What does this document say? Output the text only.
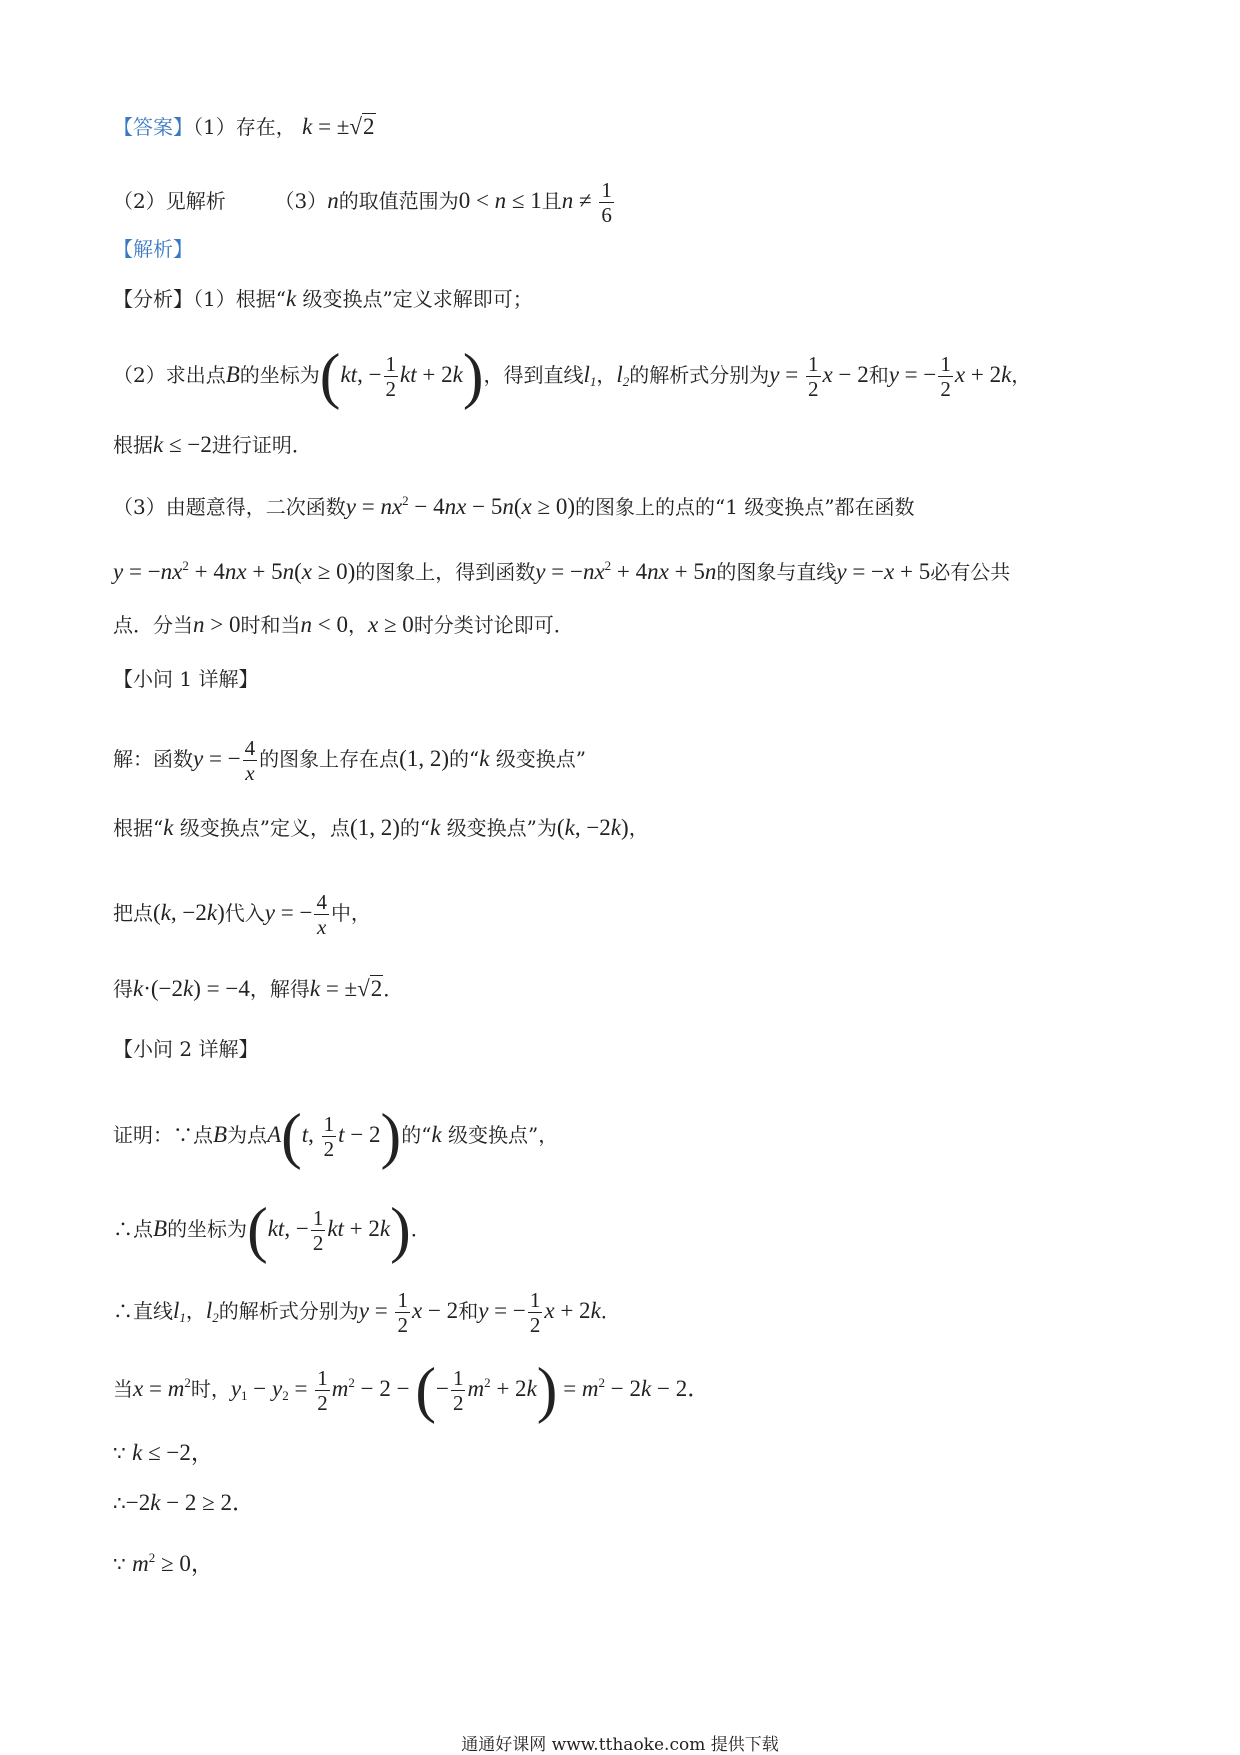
【答案】（1）存在， k = ±√2
（2）见解析 （3）n的取值范围为0 < n ≤ 1且$n \ne \frac{1}{6}$
【解析】
【分析】（1）根据“k 级变换点”定义求解即可；
（2）求出点B的坐标为(kt, − $\frac{1}{2}$ kt + 2k)，得到直线$l_1$，$l_2$的解析式分别为$y = \frac{1}{2}$ x − 2和y = − $\frac{1}{2}$ x + 2k，
根据k ≤ −2进行证明．
（3）由题意得，二次函数$y = nx^2 - 4nx - 5n(x \ge 0)$的图象上的点的“1 级变换点”都在函数
$y = -nx^2 + 4nx + 5n(x \ge 0)$的图象上，得到函数$y = -nx^2 + 4nx + 5n$的图象与直线y = −x + 5必有公共
点．分当n > 0时和当n < 0，x ≥ 0时分类讨论即可．
【小问 1 详解】
解：函数y = − $\frac{4}{x}$ 的图象上存在点(1, 2)的“k 级变换点”
根据“k 级变换点”定义，点(1, 2)的“k 级变换点”为(k, −2k)，
把点(k, −2k)代入y = − $\frac{4}{x}$ 中，
得k·(−2k) = −4，解得k = ±√2．
【小问 2 详解】
证明：∵点B为点A(t, $\frac{1}{2}$ t − 2)的“k 级变换点”，
∴点B的坐标为(kt, − $\frac{1}{2}$ kt + 2k)．
∴直线$l_1$，$l_2$的解析式分别为$y = \frac{1}{2}$ x − 2和y = − $\frac{1}{2}$ x + 2k．
当$x = m^2$时，$y_1 - y_2 = \frac{1}{2} m^2 - 2$ − (− $\frac{1}{2} m^2 + 2k) = m^2 - 2k - 2$．
∵ k ≤ −2，
∴−2k − 2 ≥ 2．
∵ $m^2 \ge 0$，
通通好课网 www.tthaoke.com 提供下载
